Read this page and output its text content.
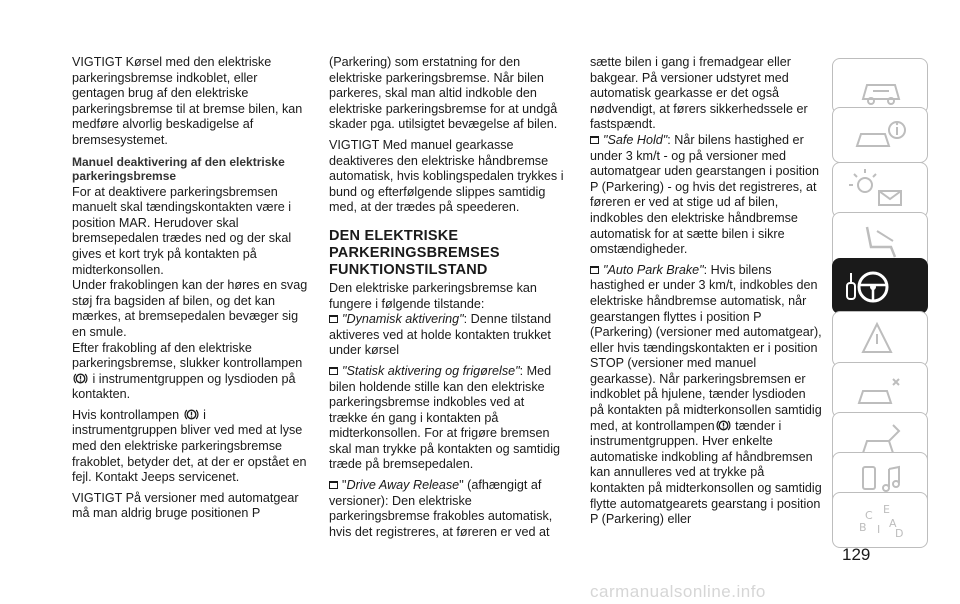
VIGTIGT Kørsel med den elektriske parkeringsbremse indkoblet, eller gentagen brug af den elektriske parkeringsbremse til at bremse bilen, kan medføre alvorlig beskadigelse af bremsesystemet.

Manuel deaktivering af den elektriske parkeringsbremse

For at deaktivere parkeringsbremsen manuelt skal tændingskontakten være i position MAR. Herudover skal bremsepedalen trædes ned og der skal gives et kort tryk på kontakten på midterkonsollen.

Under frakoblingen kan der høres en svag støj fra bagsiden af bilen, og det kan mærkes, at bremsepedalen bevæger sig en smule.

Efter frakobling af den elektriske parkeringsbremse, slukker kontrollampen
i instrumentgruppen og lysdioden på kontakten.

Hvis kontrollampen  i instrumentgruppen bliver ved med at lyse med den elektriske parkeringsbremse frakoblet, betyder det, at der er opstået en fejl. Kontakt Jeeps servicenet.

VIGTIGT På versioner med automatgear må man aldrig bruge positionen P

(Parkering) som erstatning for den elektriske parkeringsbremse. Når bilen parkeres, skal man altid indkoble den elektriske parkeringsbremse for at undgå skader pga. utilsigtet bevægelse af bilen.

VIGTIGT Med manuel gearkasse deaktiveres den elektriske håndbremse automatisk, hvis koblingspedalen trykkes i bund og efterfølgende slippes samtidig med, at der trædes på speederen.

DEN ELEKTRISKE PARKERINGSBREMSES FUNKTIONSTILSTAND

Den elektriske parkeringsbremse kan fungere i følgende tilstande:

"Dynamisk aktivering": Denne tilstand aktiveres ved at holde kontakten trukket under kørsel

"Statisk aktivering og frigørelse": Med bilen holdende stille kan den elektriske parkeringsbremse indkobles ved at trække én gang i kontakten på midterkonsollen. For at frigøre bremsen skal man trykke på kontakten og samtidig træde på bremsepedalen.

"Drive Away Release" (afhængigt af versioner): Den elektriske parkeringsbremse frakobles automatisk, hvis det registreres, at føreren er ved at

sætte bilen i gang i fremadgear eller bakgear. På versioner udstyret med automatisk gearkasse er det også nødvendigt, at førers sikkerhedssele er fastspændt.

"Safe Hold": Når bilens hastighed er under 3 km/t - og på versioner med automatgear uden gearstangen i position P (Parkering) - og hvis det registreres, at føreren er ved at stige ud af bilen, indkobles den elektriske håndbremse automatisk for at sætte bilen i sikre omstændigheder.

"Auto Park Brake": Hvis bilens hastighed er under 3 km/t, indkobles den elektriske håndbremse automatisk, når gearstangen flyttes i position P (Parkering) (versioner med automatgear), eller hvis tændingskontakten er i position STOP (versioner med manuel gearkasse). Når parkeringsbremsen er indkoblet på hjulene, tænder lysdioden på kontakten på midterkonsollen samtidig med, at kontrollampen tænder i instrumentgruppen. Hver enkelte automatiske indkobling af håndbremsen kan annulleres ved at trykke på kontakten på midterkonsollen og samtidig flytte automatgearets gearstang i position P (Parkering) eller	C E
B I A
D
129
carmanualsonline.info
